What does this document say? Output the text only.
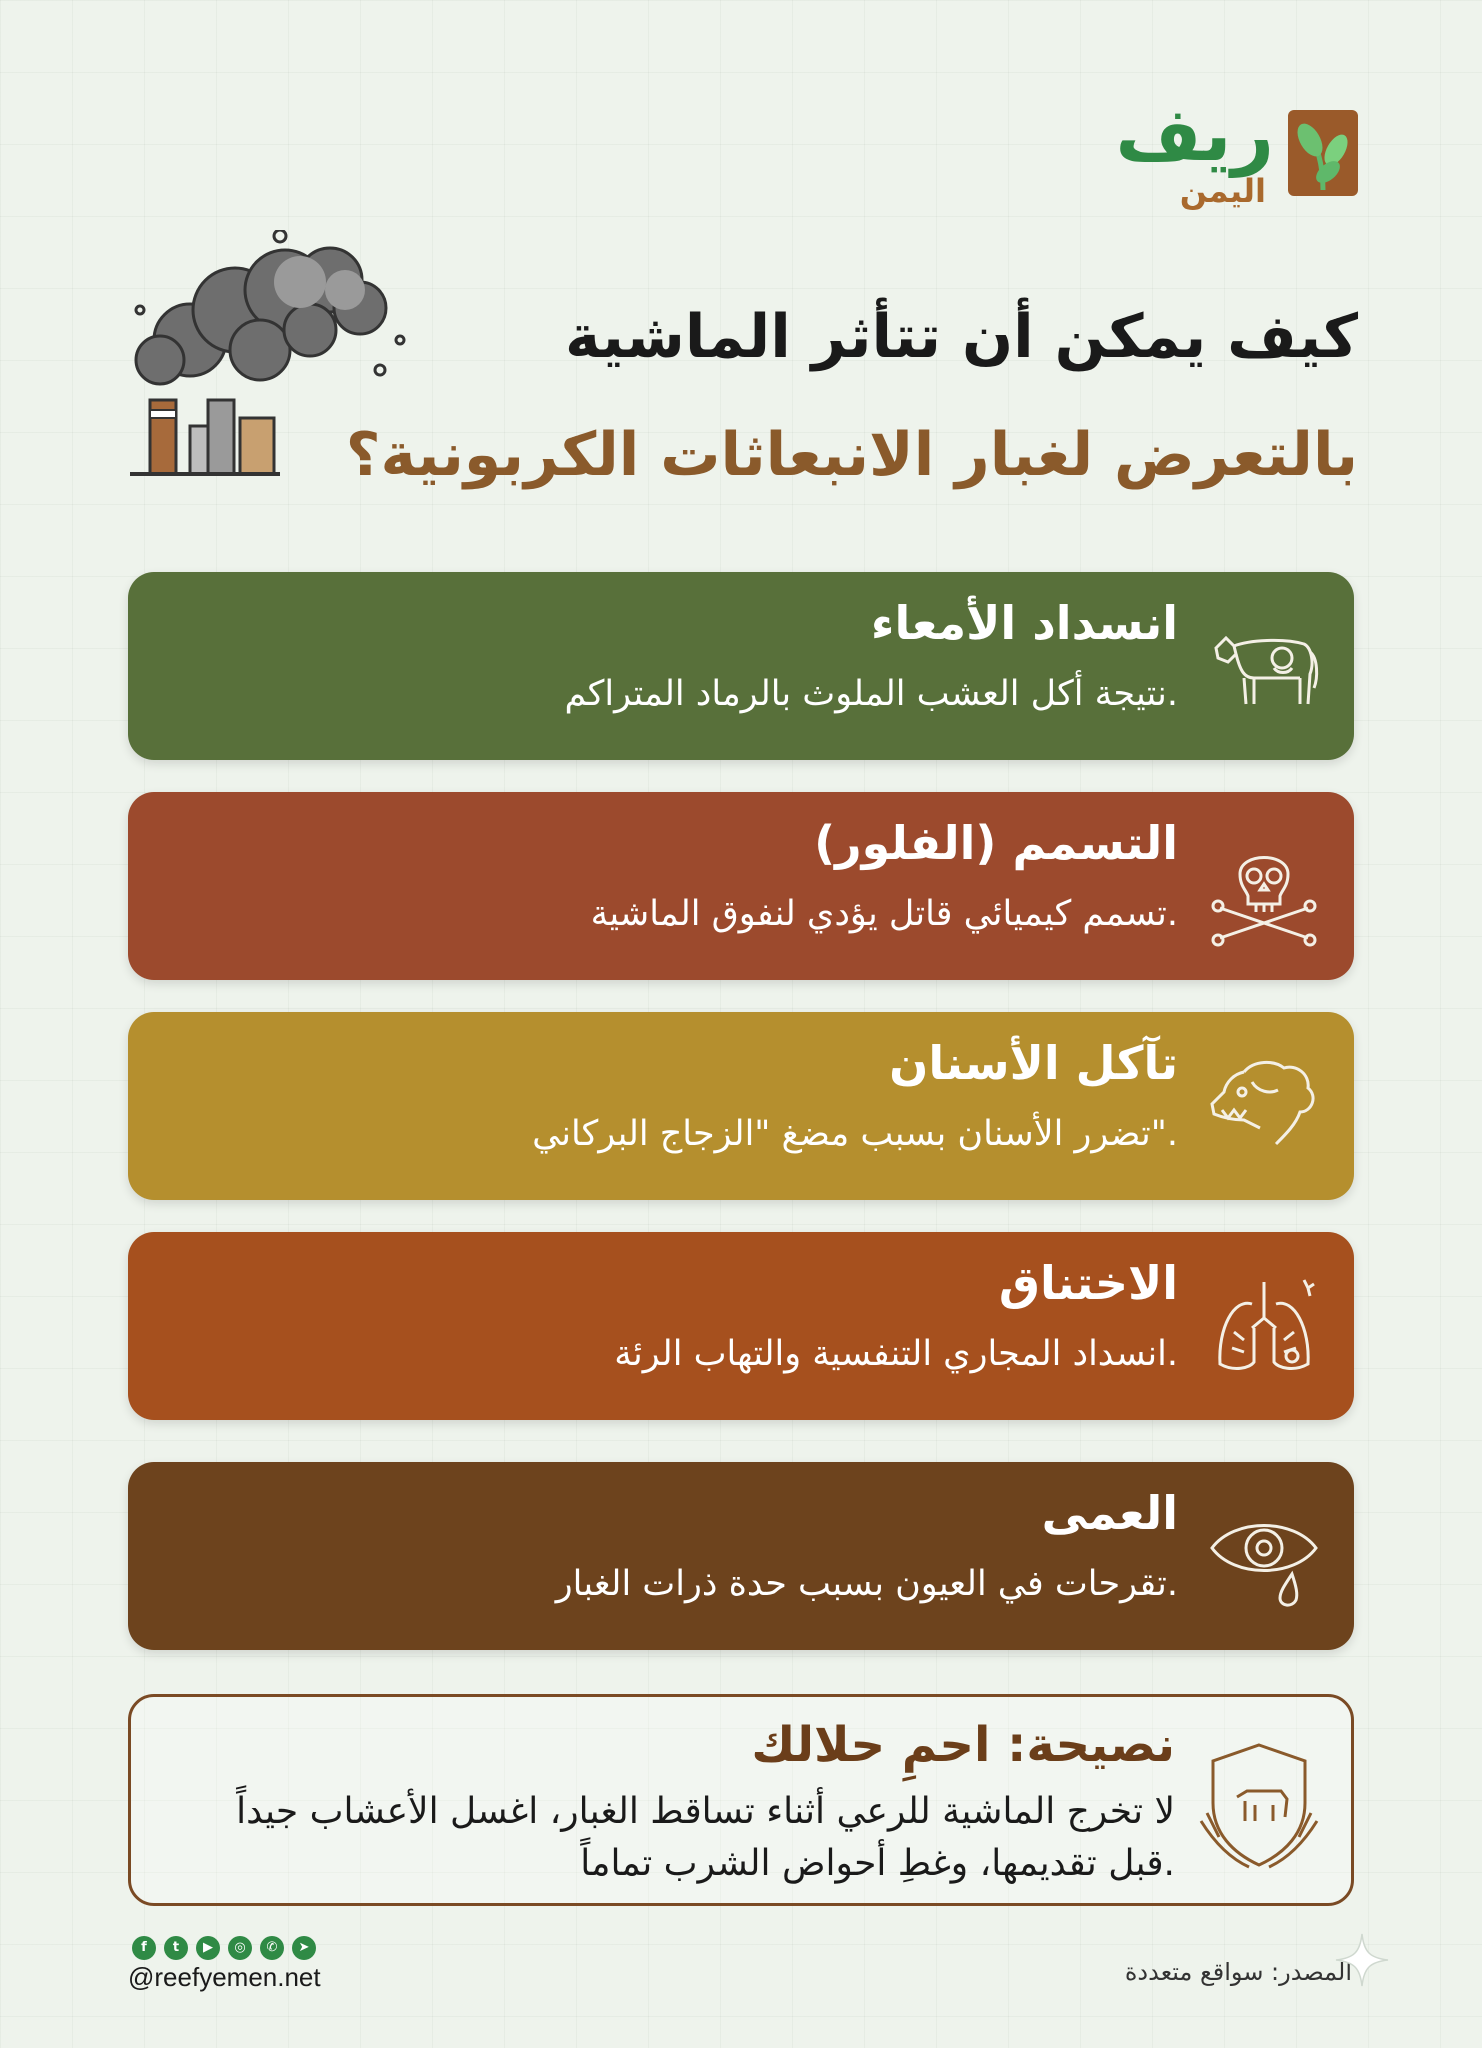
ريف
اليمن
كيف يمكن أن تتأثر الماشية
بالتعرض لغبار الانبعاثات الكربونية؟
انسداد الأمعاء
نتيجة أكل العشب الملوث بالرماد المتراكم.
التسمم (الفلور)
تسمم كيميائي قاتل يؤدي لنفوق الماشية.
تآكل الأسنان
تضرر الأسنان بسبب مضغ "الزجاج البركاني".
الاختناق
انسداد المجاري التنفسية والتهاب الرئة.
العمى
تقرحات في العيون بسبب حدة ذرات الغبار.
نصيحة: احمِ حلالك
لا تخرج الماشية للرعي أثناء تساقط الغبار، اغسل الأعشاب جيداً
قبل تقديمها، وغطِ أحواض الشرب تماماً.
f	t	▶	◎	✆	➤
@reefyemen.net	المصدر: سواقع متعددة
